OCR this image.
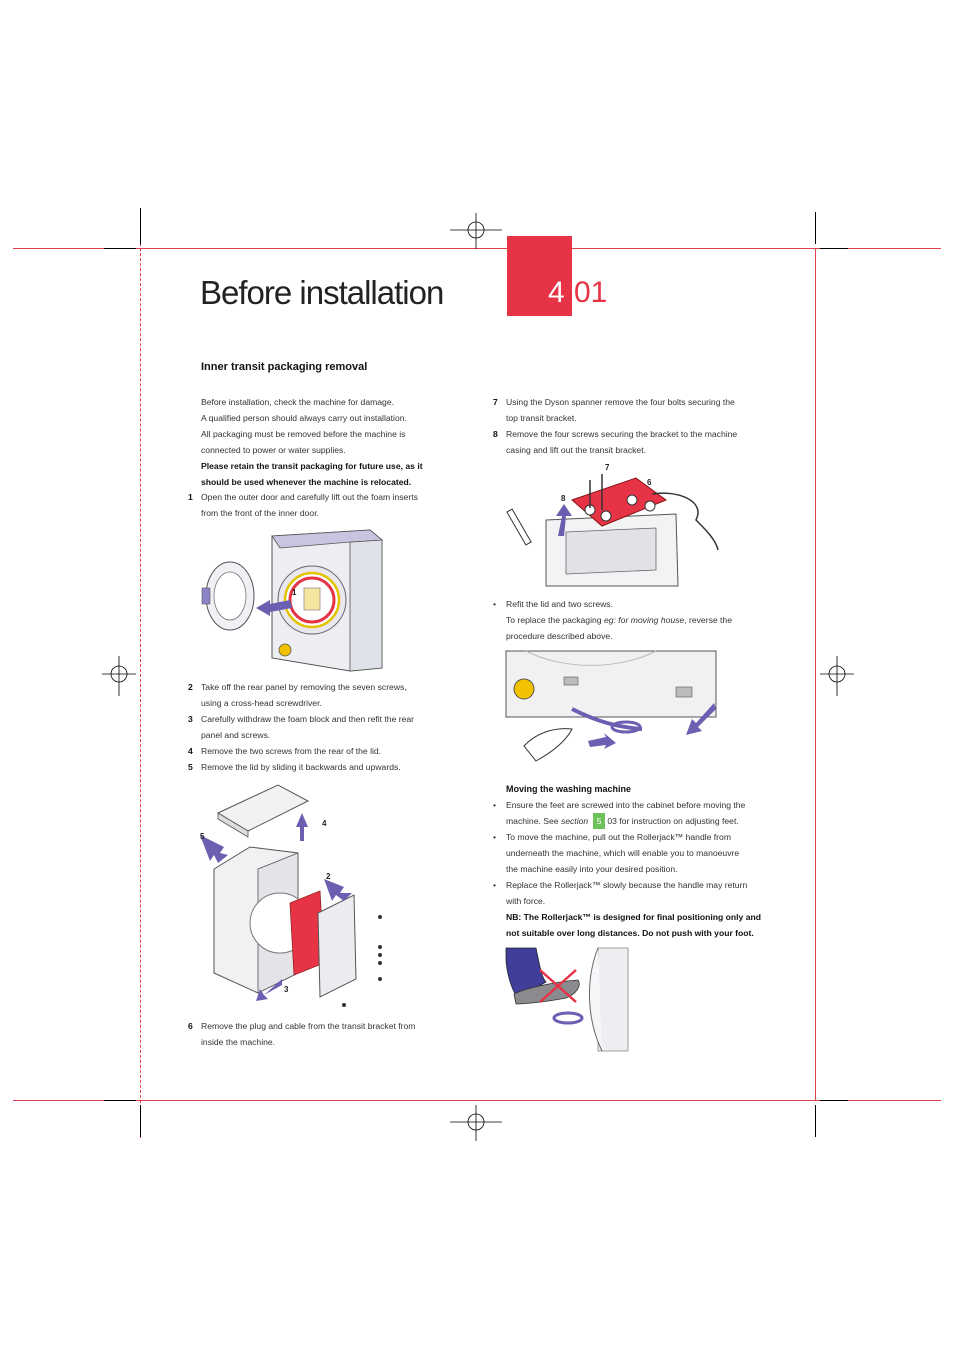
Before installation	4 01
Inner transit packaging removal
Before installation, check the machine for damage.
A qualified person should always carry out installation.
All packaging must be removed before the machine is
connected to power or water supplies.
Please retain the transit packaging for future use, as it
should be used whenever the machine is relocated.
1 Open the outer door and carefully lift out the foam inserts
from the front of the inner door.
1
2 Take off the rear panel by removing the seven screws,
using a cross-head screwdriver.
3 Carefully withdraw the foam block and then refit the rear
panel and screws.
4 Remove the two screws from the rear of the lid.
5 Remove the lid by sliding it backwards and upwards.
5
4
2
3
6 Remove the plug and cable from the transit bracket from
inside the machine.
7 Using the Dyson spanner remove the four bolts securing the
top transit bracket.
8 Remove the four screws securing the bracket to the machine
casing and lift out the transit bracket.
7
6
8
• Refit the lid and two screws.
To replace the packaging eg: for moving house, reverse the
procedure described above.
Moving the washing machine
•
•
•
Ensure the feet are screwed into the cabinet before moving the
machine. See section 5 03 for instruction on adjusting feet.
To move the machine, pull out the Rollerjack™ handle from
underneath the machine, which will enable you to manoeuvre
the machine easily into your desired position.
Replace the Rollerjack™ slowly because the handle may return
with force.
NB: The Rollerjack™ is designed for final positioning only and
not suitable over long distances. Do not push with your foot.
